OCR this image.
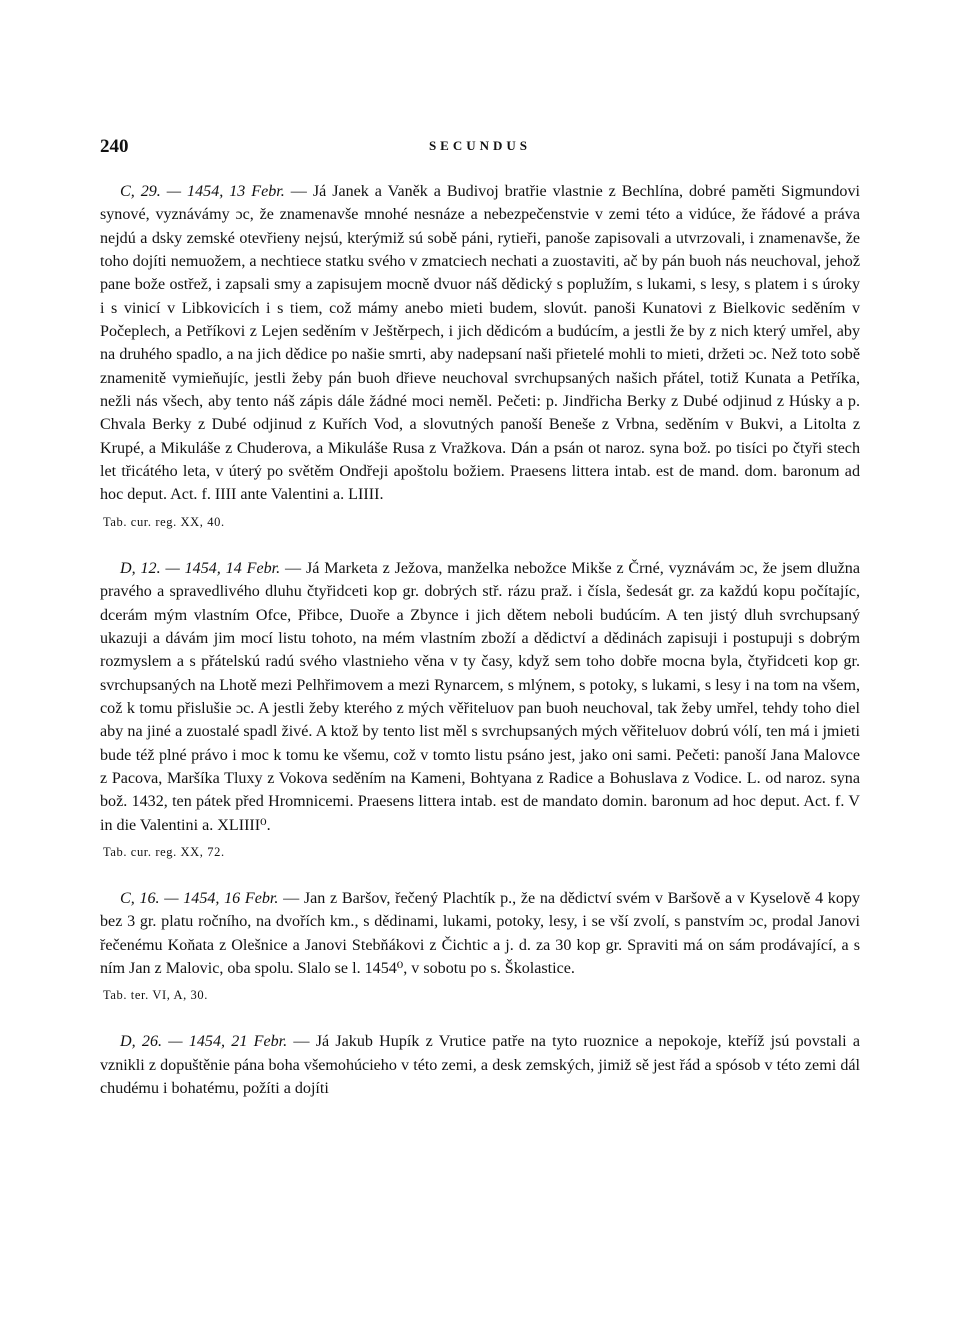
240	SECUNDUS

C, 29. — 1454, 13 Febr. — Já Janek a Vaněk a Budivoj bratřie vlastnie z Bechlína, dobré paměti Sigmundovi synové, vyznávámy ɔc, že znamenavše mnohé nesnáze a nebezpečenstvie v zemi této a vidúce, že řádové a práva nejdú a dsky zemské otevřieny nejsú, kterýmiž sú sobě páni, rytieři, panoše zapisovali a utvrzovali, i znamenavše, že toho dojíti nemuožem, a nechtiece statku svého v zmatciech nechati a zuostaviti, ač by pán buoh nás neuchoval, jehož pane bože ostřež, i zapsali smy a zapisujem mocně dvuor náš dědický s poplužím, s lukami, s lesy, s platem i s úroky i s vinicí v Libkovicích i s tiem, což mámy anebo mieti budem, slovút. panoši Kunatovi z Bielkovic seděním v Počeplech, a Petříkovi z Lejen seděním v Ještěrpech, i jich dědicóm a budúcím, a jestli že by z nich který umřel, aby na druhého spadlo, a na jich dědice po našie smrti, aby nadepsaní naši přietelé mohli to mieti, držeti ɔc. Než toto sobě znamenitě vymieňujíc, jestli žeby pán buoh dřieve neuchoval svrchupsaných našich přátel, totiž Kunata a Petříka, nežli nás všech, aby tento náš zápis dále žádné moci neměl. Pečeti: p. Jindřicha Berky z Dubé odjinud z Húsky a p. Chvala Berky z Dubé odjinud z Kuřích Vod, a slovutných panoší Beneše z Vrbna, seděním v Bukvi, a Litolta z Krupé, a Mikuláše z Chuderova, a Mikuláše Rusa z Vražkova. Dán a psán ot naroz. syna bož. po tisíci po čtyři stech let třicátého leta, v úterý po světěm Ondřeji apoštolu božiem. Praesens littera intab. est de mand. dom. baronum ad hoc deput. Act. f. IIII ante Valentini a. LIIII.

Tab. cur. reg. XX, 40.

D, 12. — 1454, 14 Febr. — Já Marketa z Ježova, manželka nebožce Mikše z Črné, vyznávám ɔc, že jsem dlužna pravého a spravedlivého dluhu čtyřidceti kop gr. dobrých stř. rázu praž. i čísla, šedesát gr. za každú kopu počítajíc, dcerám mým vlastním Ofce, Přibce, Duoře a Zbynce i jich dětem neboli budúcím. A ten jistý dluh svrchupsaný ukazuji a dávám jim mocí listu tohoto, na mém vlastním zboží a dědictví a dědinách zapisuji i postupuji s dobrým rozmyslem a s přátelskú radú svého vlastnieho věna v ty časy, když sem toho dobře mocna byla, čtyřidceti kop gr. svrchupsaných na Lhotě mezi Pelhřimovem a mezi Rynarcem, s mlýnem, s potoky, s lukami, s lesy i na tom na všem, což k tomu přislušie ɔc. A jestli žeby kterého z mých věřiteluov pan buoh neuchoval, tak žeby umřel, tehdy toho diel aby na jiné a zuostalé spadl živé. A ktož by tento list měl s svrchupsaných mých věřiteluov dobrú vólí, ten má i jmieti bude též plné právo i moc k tomu ke všemu, což v tomto listu psáno jest, jako oni sami. Pečeti: panoší Jana Malovce z Pacova, Maršíka Tluxy z Vokova seděním na Kameni, Bohtyana z Radice a Bohuslava z Vodice. L. od naroz. syna bož. 1432, ten pátek před Hromnicemi. Praesens littera intab. est de mandato domin. baronum ad hoc deput. Act. f. V in die Valentini a. XLIIII⁰.

Tab. cur. reg. XX, 72.

C, 16. — 1454, 16 Febr. — Jan z Baršov, řečený Plachtík p., že na dědictví svém v Baršově a v Kyselově 4 kopy bez 3 gr. platu ročního, na dvořích km., s dědinami, lukami, potoky, lesy, i se vší zvolí, s panstvím ɔc, prodal Janovi řečenému Koňata z Olešnice a Janovi Stebňákovi z Čichtic a j. d. za 30 kop gr. Spraviti má on sám prodávající, a s ním Jan z Malovic, oba spolu. Slalo se l. 1454⁰, v sobotu po s. Školastice.

Tab. ter. VI, A, 30.

D, 26. — 1454, 21 Febr. — Já Jakub Hupík z Vrutice patře na tyto ruoznice a nepokoje, kteříž jsú povstali a vznikli z dopuštěnie pána boha všemohúcieho v této zemi, a desk zemských, jimiž sě jest řád a spósob v této zemi dál chudému i bohatému, požíti a dojíti
